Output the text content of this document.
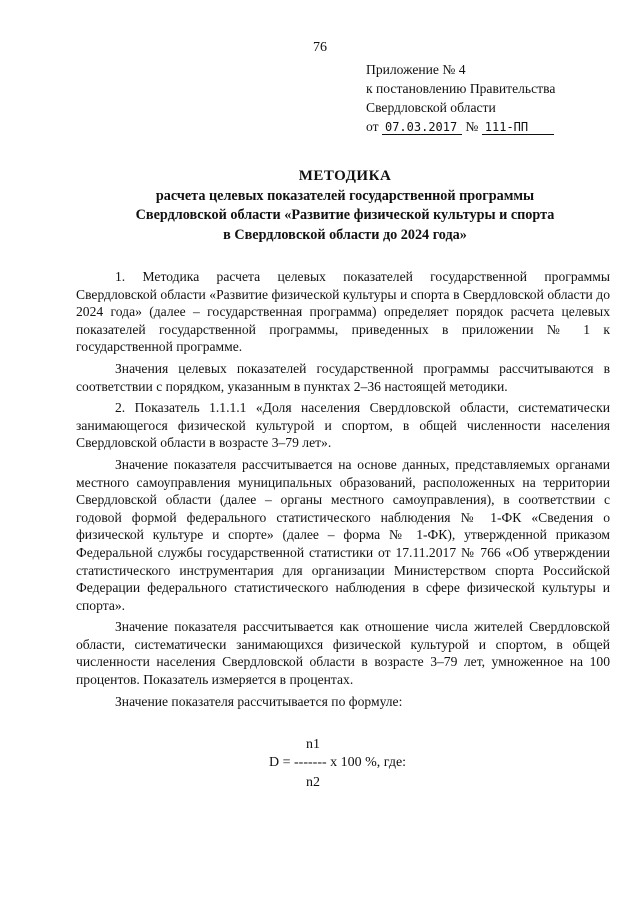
76
Приложение № 4
к постановлению Правительства
Свердловской области
от 07.03.2017 № 111-ПП
МЕТОДИКА
расчета целевых показателей государственной программы
Свердловской области «Развитие физической культуры и спорта
в Свердловской области до 2024 года»

1. Методика расчета целевых показателей государственной программы Свердловской области «Развитие физической культуры и спорта в Свердловской области до 2024 года» (далее – государственная программа) определяет порядок расчета целевых показателей государственной программы, приведенных в приложении № 1 к государственной программе.

Значения целевых показателей государственной программы рассчитываются в соответствии с порядком, указанным в пунктах 2–36 настоящей методики.

2. Показатель 1.1.1.1 «Доля населения Свердловской области, систематически занимающегося физической культурой и спортом, в общей численности населения Свердловской области в возрасте 3–79 лет».

Значение показателя рассчитывается на основе данных, представляемых органами местного самоуправления муниципальных образований, расположенных на территории Свердловской области (далее – органы местного самоуправления), в соответствии с годовой формой федерального статистического наблюдения № 1-ФК «Сведения о физической культуре и спорте» (далее – форма № 1-ФК), утвержденной приказом Федеральной службы государственной статистики от 17.11.2017 № 766 «Об утверждении статистического инструментария для организации Министерством спорта Российской Федерации федерального статистического наблюдения в сфере физической культуры и спорта».

Значение показателя рассчитывается как отношение числа жителей Свердловской области, систематически занимающихся физической культурой и спортом, в общей численности населения Свердловской области в возрасте 3–79 лет, умноженное на 100 процентов. Показатель измеряется в процентах.

Значение показателя рассчитывается по формуле:

n1
D = ------- х 100 %, где:
n2
